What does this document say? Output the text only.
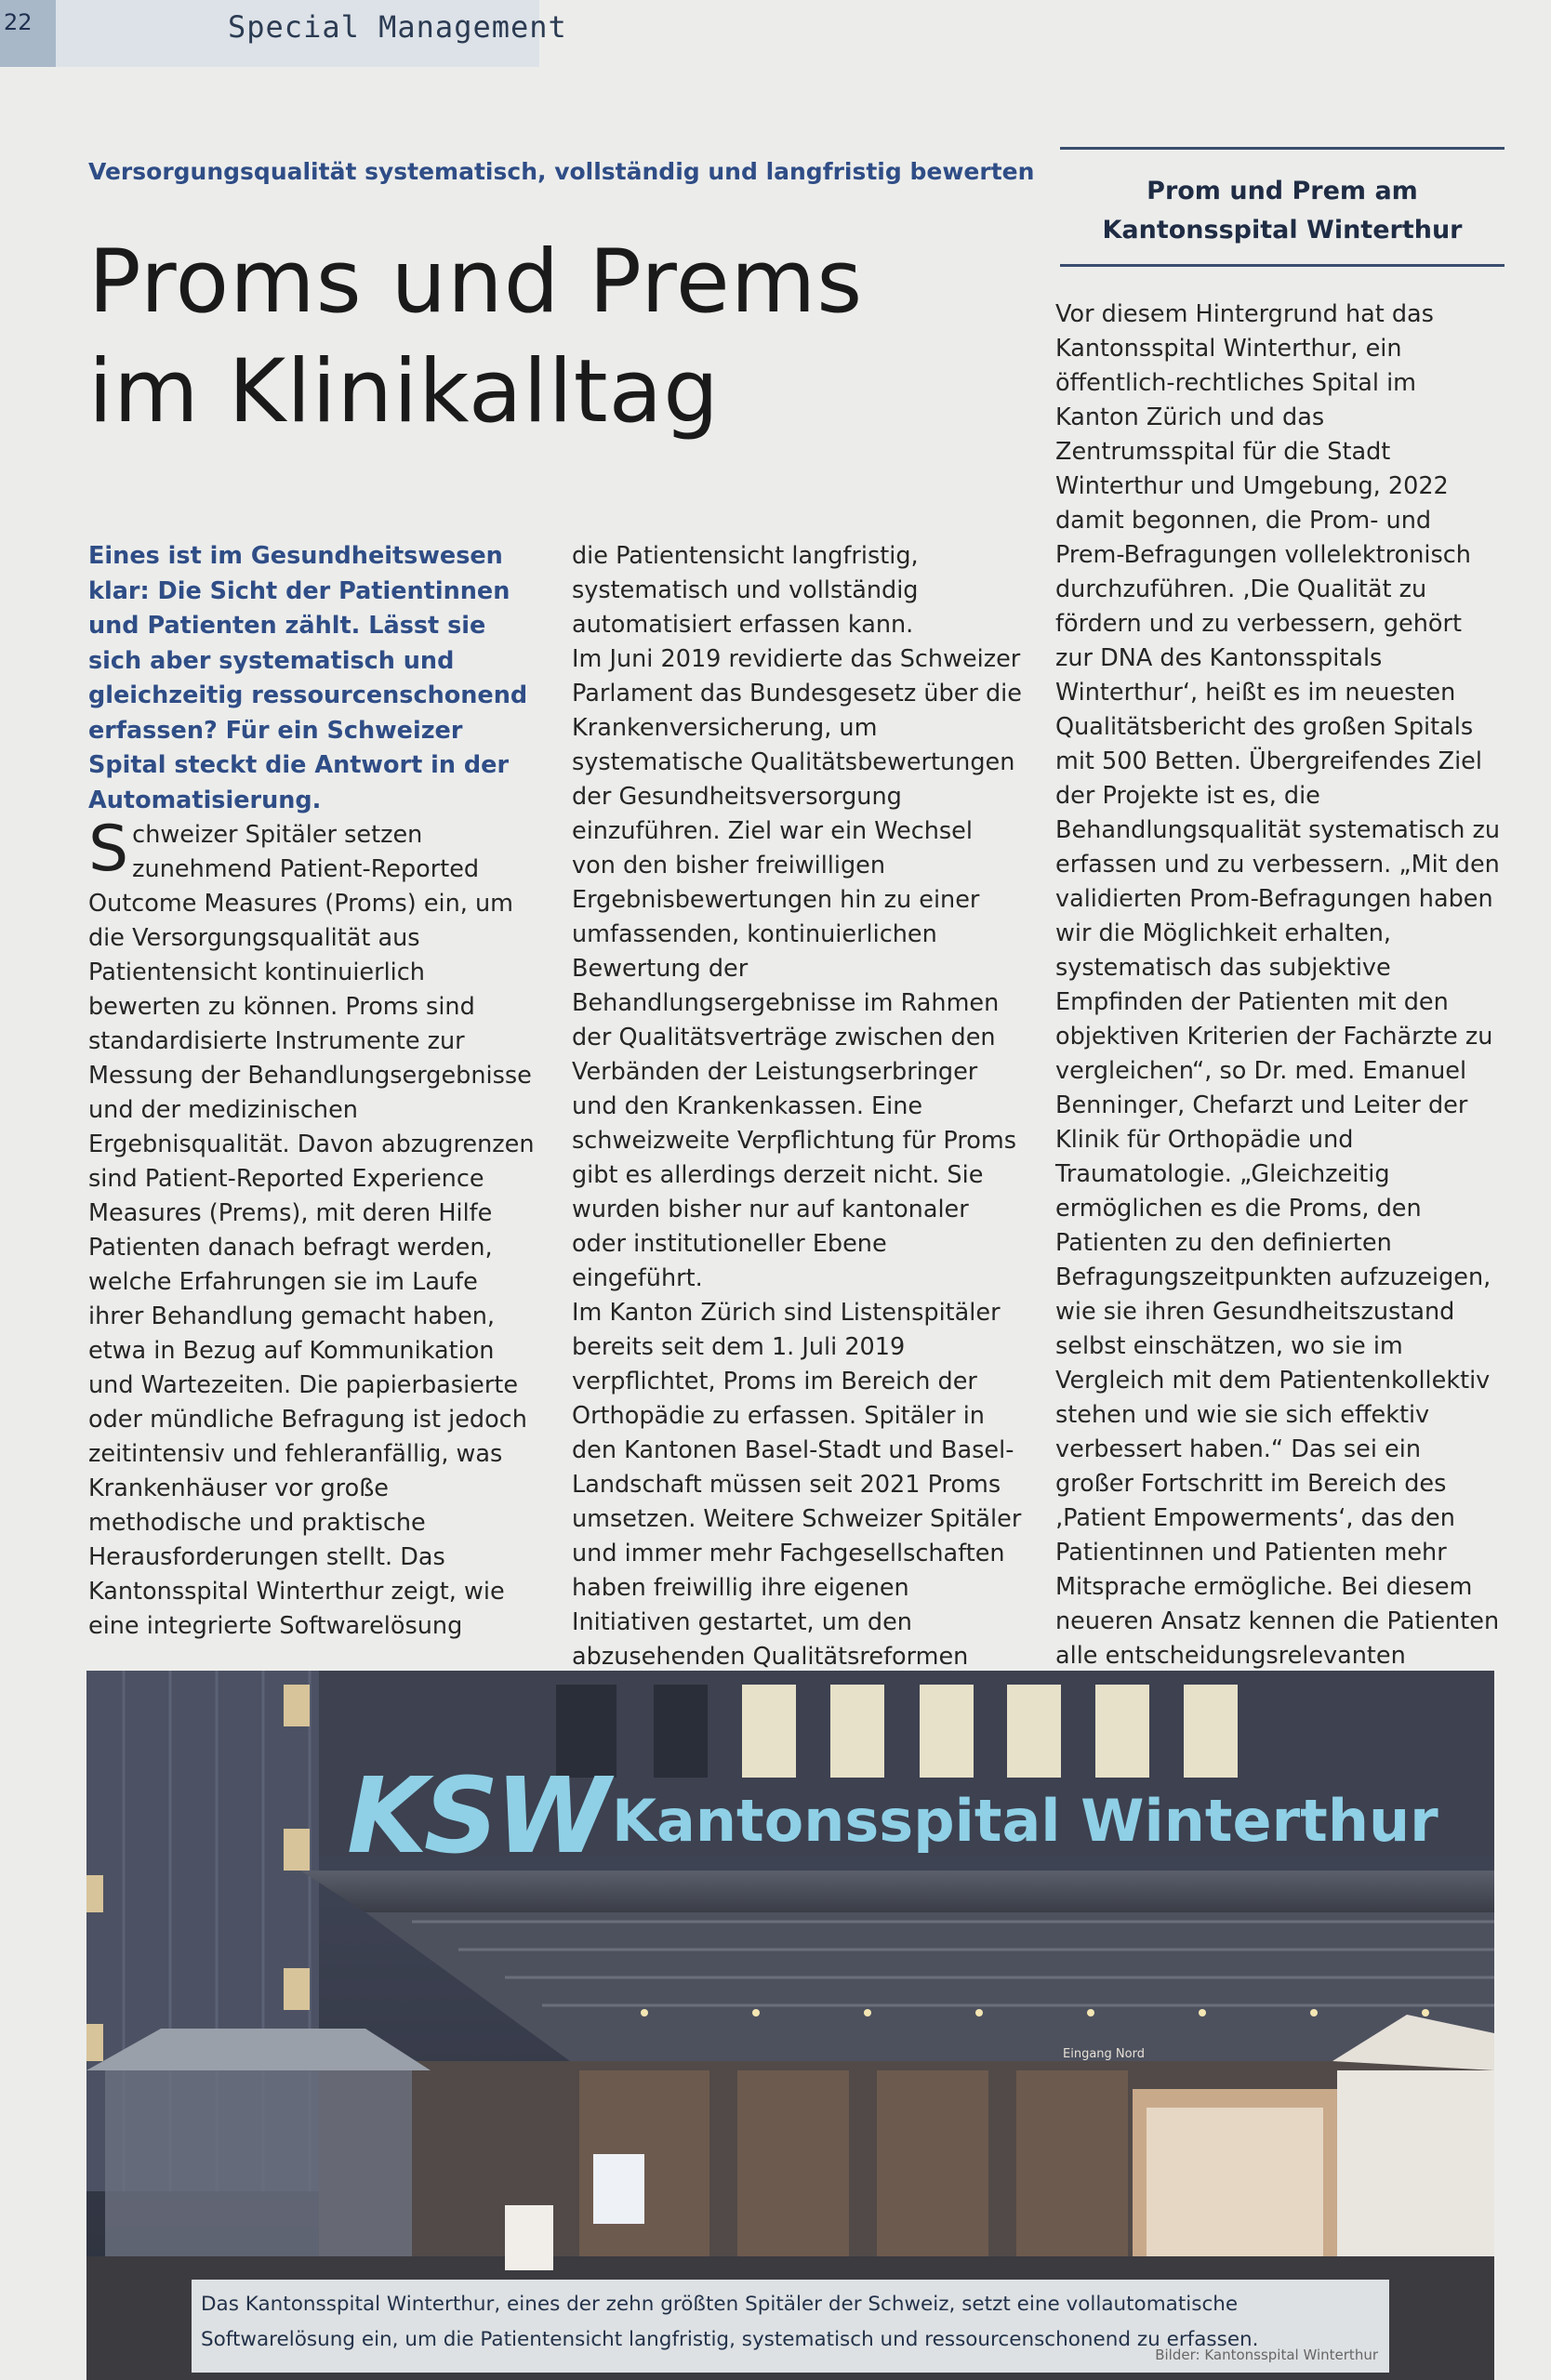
22	Special Management
Versorgungsqualität systematisch, vollständig und langfristig bewerten
Proms und Prems
im Klinikalltag
Eines ist im Gesundheitswesen klar: Die Sicht der Patientinnen und Patienten zählt. Lässt sie sich aber systematisch und gleichzeitig ressourcenschonend erfassen? Für ein Schweizer Spital steckt die Antwort in der Automatisierung.

Schweizer Spitäler setzen zunehmend Patient-Reported Outcome Measures (Proms) ein, um die Versorgungsqualität aus Patientensicht kontinuierlich bewerten zu können. Proms sind standardisierte Instrumente zur Messung der Behandlungsergebnisse und der medizinischen Ergebnisqualität. Davon abzugrenzen sind Patient-Reported Experience Measures (Prems), mit deren Hilfe Patienten danach befragt werden, welche Erfahrungen sie im Laufe ihrer Behandlung gemacht haben, etwa in Bezug auf Kommunikation und Wartezeiten. Die papierbasierte oder mündliche Befragung ist jedoch zeitintensiv und fehleranfällig, was Krankenhäuser vor große methodische und praktische Herausforderungen stellt. Das Kantonsspital Winterthur zeigt, wie eine integrierte Softwarelösung

die Patientensicht langfristig, systematisch und vollständig automatisiert erfassen kann.

Im Juni 2019 revidierte das Schweizer Parlament das Bundesgesetz über die Krankenversicherung, um systematische Qualitätsbewertungen der Gesundheitsversorgung einzuführen. Ziel war ein Wechsel von den bisher freiwilligen Ergebnisbewertungen hin zu einer umfassenden, kontinuierlichen Bewertung der Behandlungsergebnisse im Rahmen der Qualitätsverträge zwischen den Verbänden der Leistungserbringer und den Krankenkassen. Eine schweizweite Verpflichtung für Proms gibt es allerdings derzeit nicht. Sie wurden bisher nur auf kantonaler oder institutioneller Ebene eingeführt.

Im Kanton Zürich sind Listenspitäler bereits seit dem 1. Juli 2019 verpflichtet, Proms im Bereich der Orthopädie zu erfassen. Spitäler in den Kantonen Basel-Stadt und Basel-Landschaft müssen seit 2021 Proms umsetzen. Weitere Schweizer Spitäler und immer mehr Fachgesellschaften haben freiwillig ihre eigenen Initiativen gestartet, um den abzusehenden Qualitätsreformen

Prom und Prem am
Kantonsspital Winterthur

Vor diesem Hintergrund hat das Kantonsspital Winterthur, ein öffentlich-rechtliches Spital im Kanton Zürich und das Zentrumsspital für die Stadt Winterthur und Umgebung, 2022 damit begonnen, die Prom- und Prem-Befragungen vollelektronisch durchzuführen. ‚Die Qualität zu fördern und zu verbessern, gehört zur DNA des Kantonsspitals Winterthur‘, heißt es im neuesten Qualitätsbericht des großen Spitals mit 500 Betten. Übergreifendes Ziel der Projekte ist es, die Behandlungsqualität systematisch zu erfassen und zu verbessern. „Mit den validierten Prom-Befragungen haben wir die Möglichkeit erhalten, systematisch das subjektive Empfinden der Patienten mit den objektiven Kriterien der Fachärzte zu vergleichen“, so Dr. med. Emanuel Benninger, Chefarzt und Leiter der Klinik für Orthopädie und Traumatologie. „Gleichzeitig ermöglichen es die Proms, den Patienten zu den definierten Befragungszeitpunkten aufzuzeigen, wie sie ihren Gesundheitszustand selbst einschätzen, wo sie im Vergleich mit dem Patientenkollektiv stehen und wie sie sich effektiv verbessert haben.“ Das sei ein großer Fortschritt im Bereich des ‚Patient Empowerments‘, das den Patientinnen und Patienten mehr Mitsprache ermögliche. Bei diesem neueren Ansatz kennen die Patienten alle entscheidungsrelevanten

KSW Kantonsspital Winterthur
Eingang Nord
Das Kantonsspital Winterthur, eines der zehn größten Spitäler der Schweiz, setzt eine vollautomatische Softwarelösung ein, um die Patientensicht langfristig, systematisch und ressourcenschonend zu erfassen.
Bilder: Kantonsspital Winterthur
